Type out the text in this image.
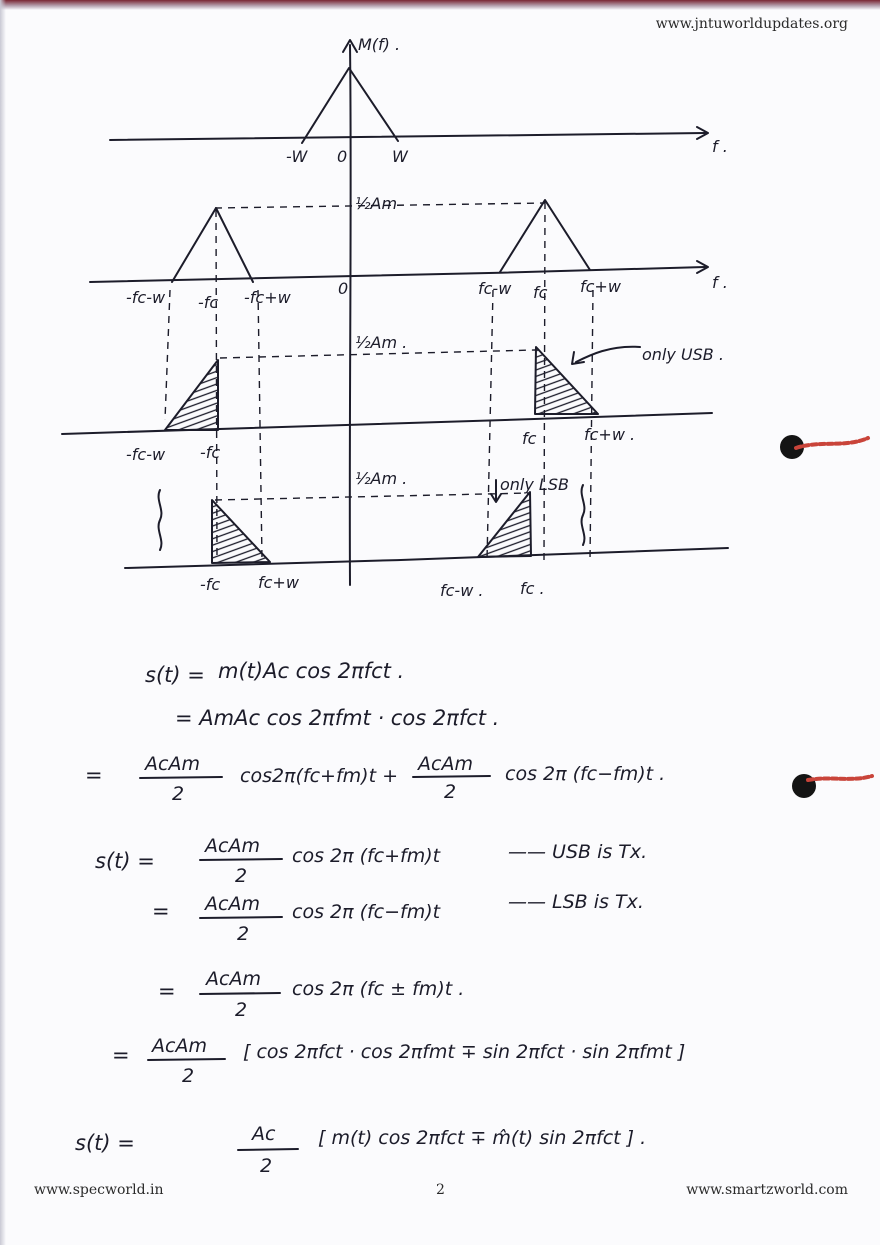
www.jntuworldupdates.org
M(f) .
f .
-W 0	W
½Am
f .
-fc-w -fc -fc+w	0	fc-w fc fc+w
½Am .
only USB .
-fc-w -fc
fc	fc+w .
½Am .	only LSB
-fc fc+w	fc-w . fc .
s(t) = m(t)Ac cos 2πfct .
= AmAc cos 2πfmt · cos 2πfct .
= AcAm
2
cos2π(fc+fm)t +
AcAm
2
cos 2π (fc−fm)t .
s(t) =
AcAm
2
cos 2π (fc+fm)t	—— USB is Tx.
= AcAm
2
cos 2π (fc−fm)t	—— LSB is Tx.
= AcAm
2
cos 2π (fc ± fm)t .
= AcAm
2
[ cos 2πfct · cos 2πfmt ∓ sin 2πfct · sin 2πfmt ]
s(t) =	Ac
2
[ m(t) cos 2πfct ∓ m̂(t) sin 2πfct ] .
www.specworld.in	2	www.smartzworld.com
